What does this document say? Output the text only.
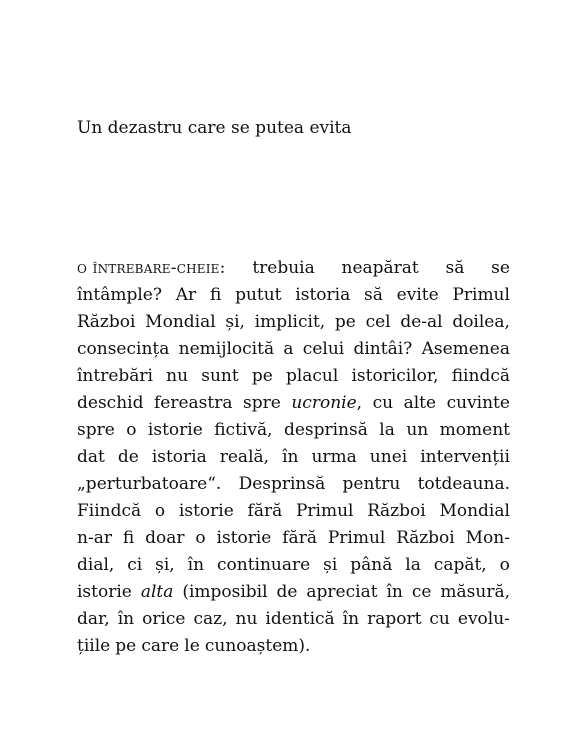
Un dezastru care se putea evita
o întrebare-cheie: trebuia neapărat să se
întâmple? Ar fi putut istoria să evite Primul
Război Mondial și, implicit, pe cel de-al doilea,
consecința nemijlocită a celui dintâi? Asemenea
întrebări nu sunt pe placul istoricilor, fiindcă
deschid fereastra spre ucronie, cu alte cuvinte
spre o istorie fictivă, desprinsă la un moment
dat de istoria reală, în urma unei intervenții
„perturbatoare“. Desprinsă pentru totdeauna.
Fiindcă o istorie fără Primul Război Mondial
n-ar fi doar o istorie fără Primul Război Mon-
dial, ci și, în continuare și până la capăt, o
istorie alta (imposibil de apreciat în ce măsură,
dar, în orice caz, nu identică în raport cu evolu-
țiile pe care le cunoaștem).
